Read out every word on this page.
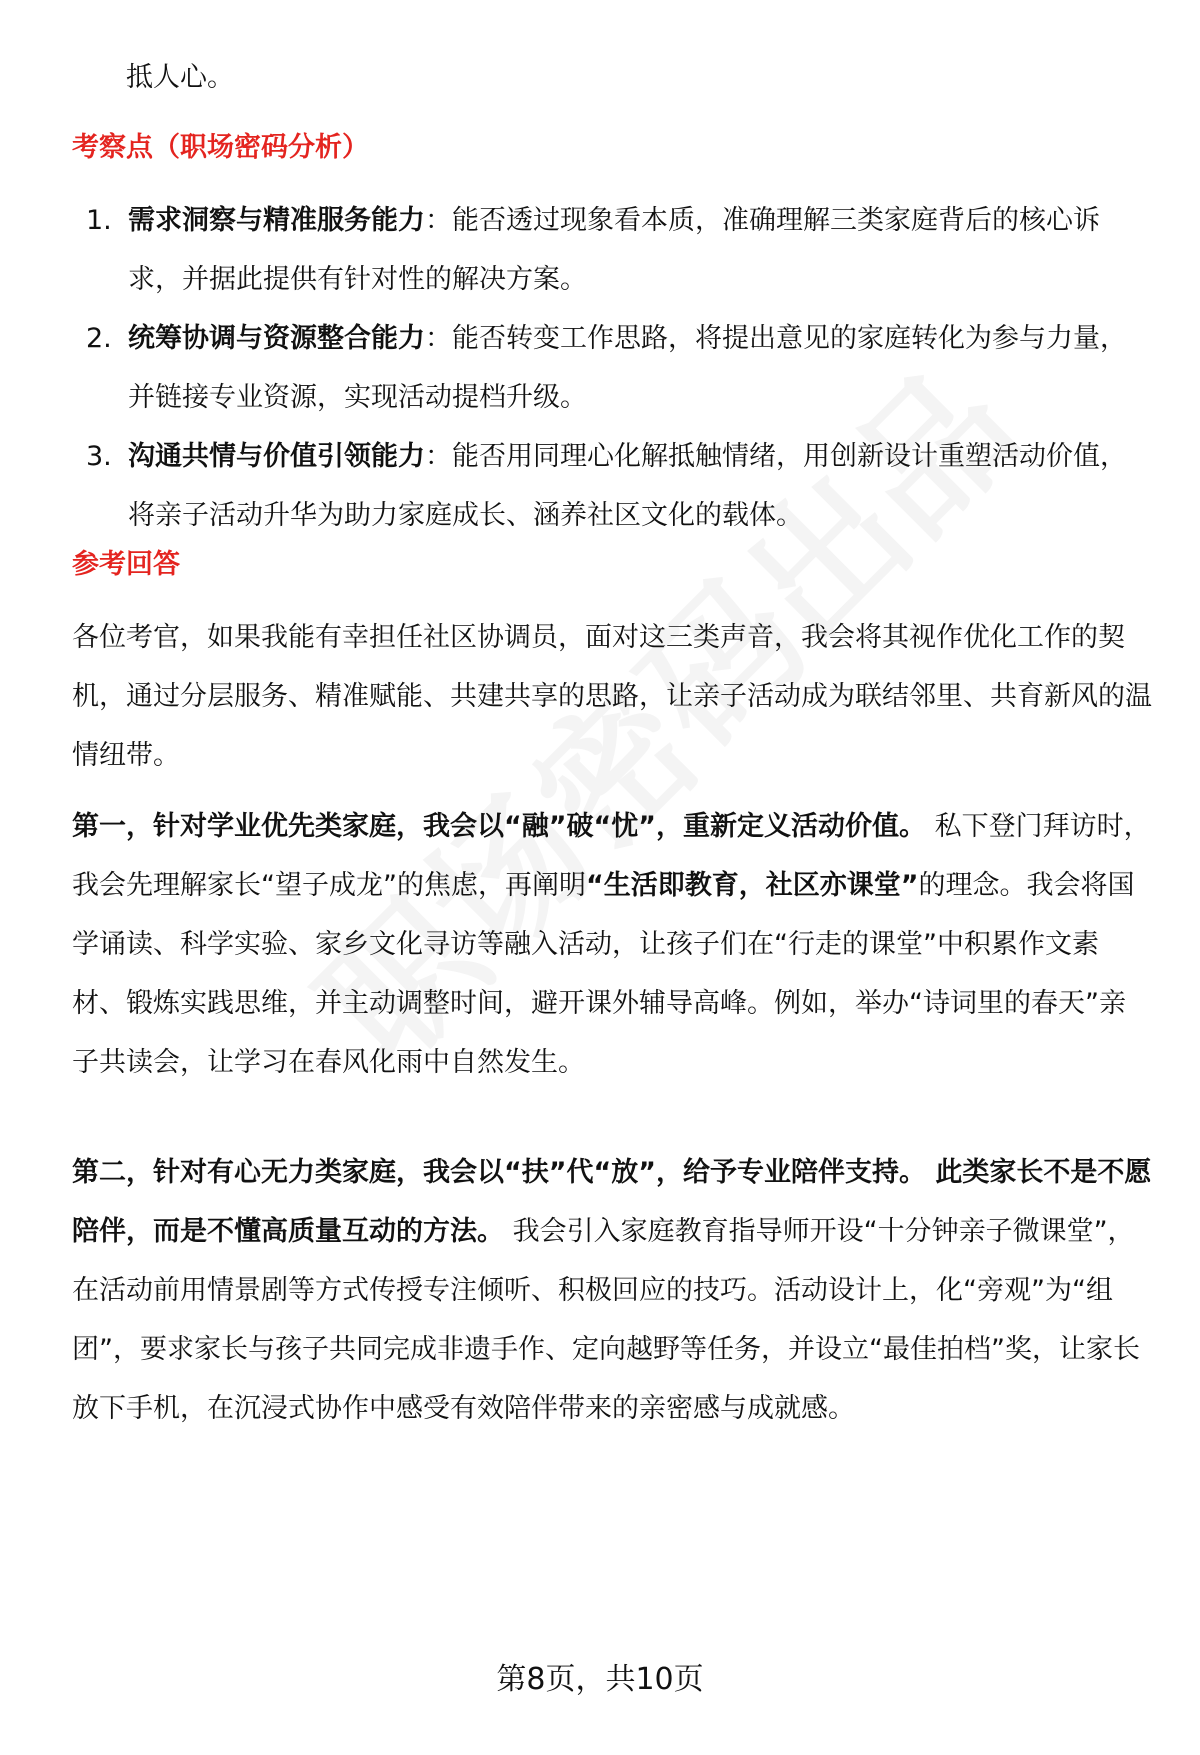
抵人心。
考察点（职场密码分析）
1. 需求洞察与精准服务能力：能否透过现象看本质，准确理解三类家庭背后的核心诉求，并据此提供有针对性的解决方案。
2. 统筹协调与资源整合能力：能否转变工作思路，将提出意见的家庭转化为参与力量，并链接专业资源，实现活动提档升级。
3. 沟通共情与价值引领能力：能否用同理心化解抵触情绪，用创新设计重塑活动价值，将亲子活动升华为助力家庭成长、涵养社区文化的载体。
参考回答
各位考官，如果我能有幸担任社区协调员，面对这三类声音，我会将其视作优化工作的契机，通过分层服务、精准赋能、共建共享的思路，让亲子活动成为联结邻里、共育新风的温情纽带。
第一，针对学业优先类家庭，我会以“融”破“忧”，重新定义活动价值。 私下登门拜访时，我会先理解家长“望子成龙”的焦虑，再阐明“生活即教育，社区亦课堂”的理念。我会将国学诵读、科学实验、家乡文化寻访等融入活动，让孩子们在“行走的课堂”中积累作文素材、锻炼实践思维，并主动调整时间，避开课外辅导高峰。例如，举办“诗词里的春天”亲子共读会，让学习在春风化雨中自然发生。
第二，针对有心无力类家庭，我会以“扶”代“放”，给予专业陪伴支持。 此类家长不是不愿陪伴，而是不懂高质量互动的方法。 我会引入家庭教育指导师开设“十分钟亲子微课堂”，在活动前用情景剧等方式传授专注倾听、积极回应的技巧。活动设计上，化“旁观”为“组团”，要求家长与孩子共同完成非遗手作、定向越野等任务，并设立“最佳拍档”奖，让家长放下手机，在沉浸式协作中感受有效陪伴带来的亲密感与成就感。
第8页，共10页
